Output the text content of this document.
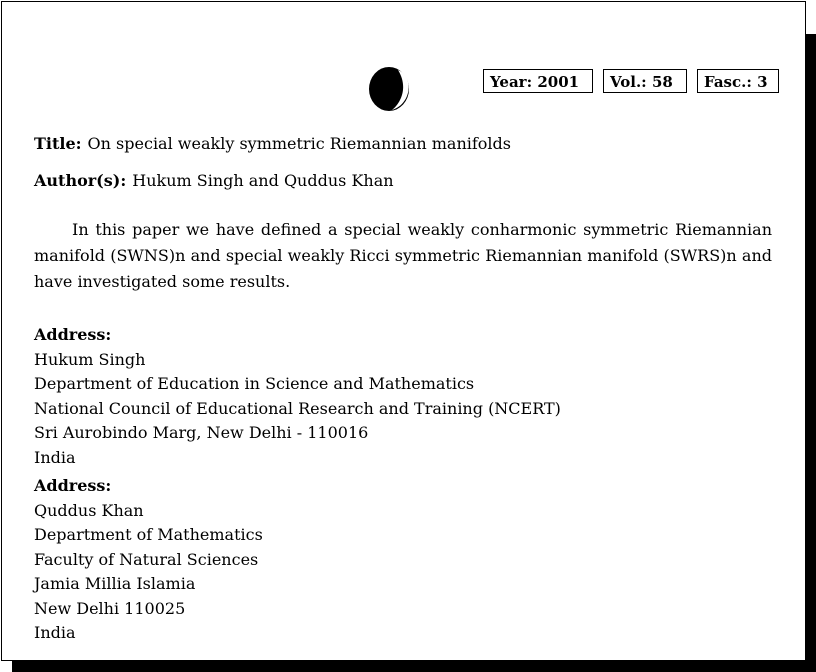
Year: 2001	Vol.: 58	Fasc.: 3
Title: On special weakly symmetric Riemannian manifolds
Author(s): Hukum Singh and Quddus Khan

In this paper we have defined a special weakly conharmonic symmetric Riemannian manifold (SWNS)n and special weakly Ricci symmetric Riemannian manifold (SWRS)n and have investigated some results.

Address:
Hukum Singh
Department of Education in Science and Mathematics
National Council of Educational Research and Training (NCERT)
Sri Aurobindo Marg, New Delhi - 110016
India
Address:
Quddus Khan
Department of Mathematics
Faculty of Natural Sciences
Jamia Millia Islamia
New Delhi 110025
India
